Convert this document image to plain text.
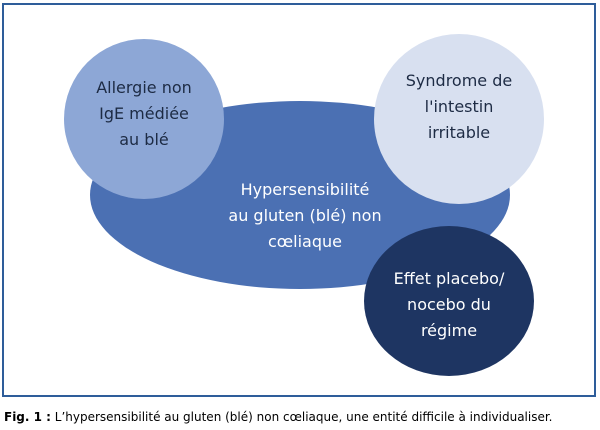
Allergie non
IgE médiée
au blé
Syndrome de
l'intestin
irritable
Hypersensibilité
au gluten (blé) non
cœliaque
Effet placebo/
nocebo du
régime
Fig. 1 : L’hypersensibilité au gluten (blé) non cœliaque, une entité difficile à individualiser.
